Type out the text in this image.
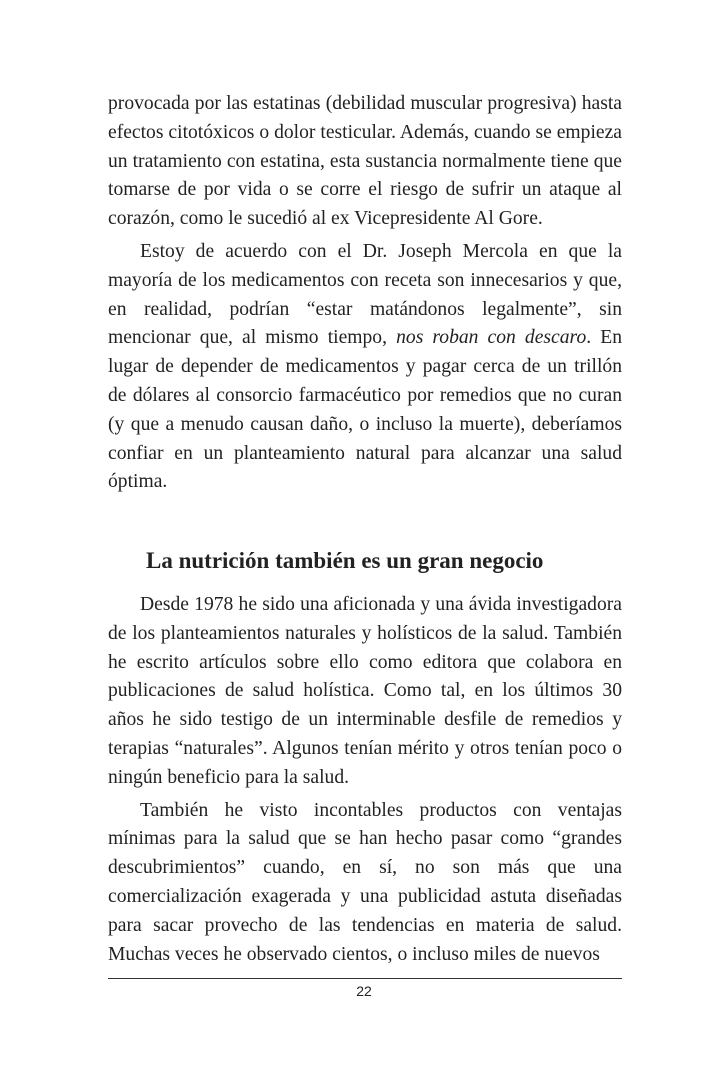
provocada por las estatinas (debilidad muscular progresiva) hasta efectos citotóxicos o dolor testicular. Además, cuando se empieza un tratamiento con estatina, esta sustancia normalmente tiene que tomarse de por vida o se corre el riesgo de sufrir un ataque al corazón, como le sucedió al ex Vicepresidente Al Gore.

Estoy de acuerdo con el Dr. Joseph Mercola en que la mayoría de los medicamentos con receta son innecesarios y que, en realidad, podrían “estar matándonos legalmente”, sin mencionar que, al mismo tiempo, nos roban con descaro. En lugar de depender de medicamentos y pagar cerca de un trillón de dólares al consorcio farmacéutico por remedios que no curan (y que a menudo causan daño, o incluso la muerte), deberíamos confiar en un planteamiento natural para alcanzar una salud óptima.

La nutrición también es un gran negocio

Desde 1978 he sido una aficionada y una ávida investigadora de los planteamientos naturales y holísticos de la salud. También he escrito artículos sobre ello como editora que colabora en publicaciones de salud holística. Como tal, en los últimos 30 años he sido testigo de un interminable desfile de remedios y terapias “naturales”. Algunos tenían mérito y otros tenían poco o ningún beneficio para la salud.

También he visto incontables productos con ventajas mínimas para la salud que se han hecho pasar como “grandes descubrimientos” cuando, en sí, no son más que una comercialización exagerada y una publicidad astuta diseñadas para sacar provecho de las tendencias en materia de salud. Muchas veces he observado cientos, o incluso miles de nuevos

22
